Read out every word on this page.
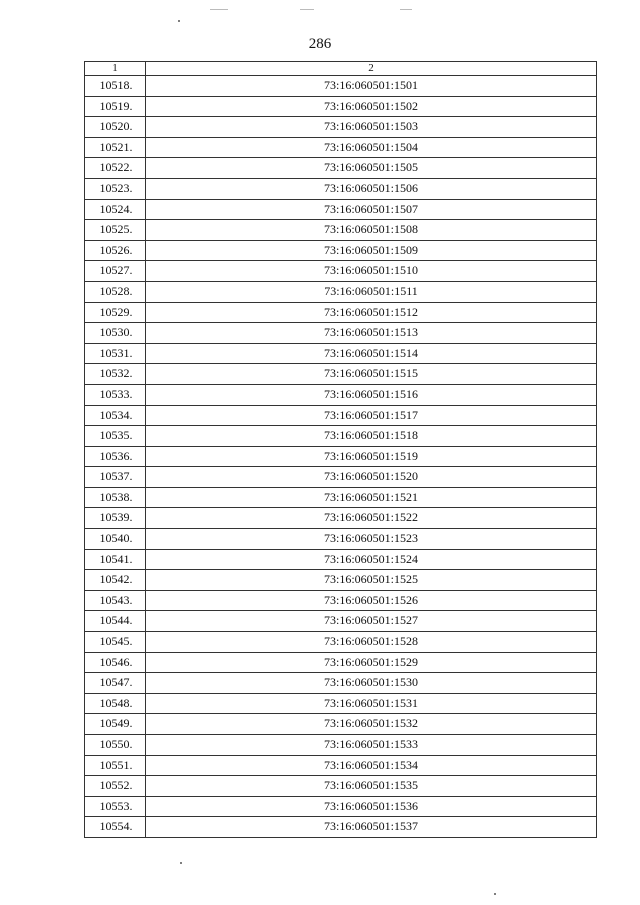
286
1	2
10518.	73:16:060501:1501
10519.	73:16:060501:1502
10520.	73:16:060501:1503
10521.	73:16:060501:1504
10522.	73:16:060501:1505
10523.	73:16:060501:1506
10524.	73:16:060501:1507
10525.	73:16:060501:1508
10526.	73:16:060501:1509
10527.	73:16:060501:1510
10528.	73:16:060501:1511
10529.	73:16:060501:1512
10530.	73:16:060501:1513
10531.	73:16:060501:1514
10532.	73:16:060501:1515
10533.	73:16:060501:1516
10534.	73:16:060501:1517
10535.	73:16:060501:1518
10536.	73:16:060501:1519
10537.	73:16:060501:1520
10538.	73:16:060501:1521
10539.	73:16:060501:1522
10540.	73:16:060501:1523
10541.	73:16:060501:1524
10542.	73:16:060501:1525
10543.	73:16:060501:1526
10544.	73:16:060501:1527
10545.	73:16:060501:1528
10546.	73:16:060501:1529
10547.	73:16:060501:1530
10548.	73:16:060501:1531
10549.	73:16:060501:1532
10550.	73:16:060501:1533
10551.	73:16:060501:1534
10552.	73:16:060501:1535
10553.	73:16:060501:1536
10554.	73:16:060501:1537
